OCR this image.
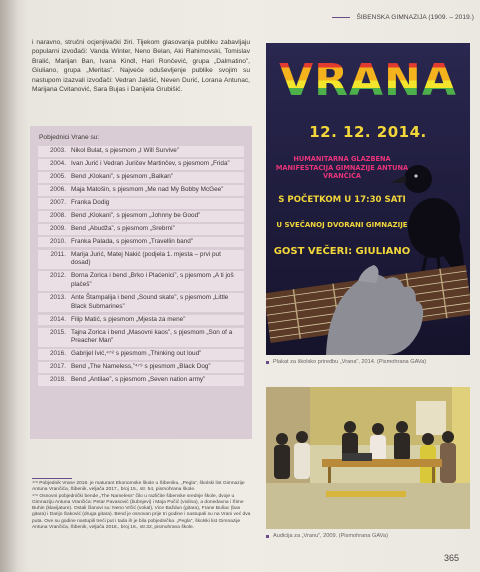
ŠIBENSKA GIMNAZIJA (1909. – 2019.)

i naravno, stručni ocjenjivački žiri. Tijekom glasovanja publiku zabavljaju popularni izvođači: Vanda Winter, Neno Belan, Aki Rahimovski, Tomislav Bralić, Marijan Ban, Ivana Kindl, Hari Rončević, grupa „Dalmatino”, Giuliano, grupa „Meritas”. Najveće oduševljenje publike svojim su nastupom izazvali izvođači: Vedran Jakšić, Neven Durić, Lorana Antunac, Marijana Cvitanović, Sara Bujas i Danijela Grubišić.

Pobjednici Vrane su:
2003. Nikol Bulat, s pjesmom „I Will Survive”
2004. Ivan Jurić i Vedran Juričev Martinčev, s pjesmom „Frida”
2005. Bend „Klokani”, s pjesmom „Balkan”
2006. Maja Matošin, s pjesmom „Me nad My Bobby McGee”
2007. Franka Dodig
2008. Bend „Klokani”, s pjesmom „Johnny be Good”
2009. Bend „Abudža”, s pjesmom „Srebrni”
2010. Franka Palada, s pjesmom „Travellin band”
2011. Marija Jurić, Matej Nakić (podjela 1. mjesta – prvi put dosad)
2012. Borna Zorica i bend „Brko i Plaćenici”, s pjesmom „A ti još plačeš”
2013. Ante Štampalija i bend „Sound skate”, s pjesmom „Little Black Submarines”
2014. Filip Matić, s pjesmom „Mjesta za mene”
2015. Tajna Zorica i bend „Masovni kaos”, s pjesmom „Son of a Preacher Man”
2016. Gabrijel Ivić,⁴⁷⁸ s pjesmom „Thinking out loud”
2017. Bend „The Nameless,”⁴⁷⁹ s pjesmom „Black Dog”
2018. Bend „Antilae”, s pjesmom „Seven nation army”

⁴⁷⁸ Pobjednik Vrane 2016. je maturant Ekonomske škole u Šibeniku, „Pegla”, školski list Gimnazije Antuna Vrančića, Šibenik, veljača 2017., broj 15., str. 54, pismohrana škole.

⁴⁷⁹ Osnovni pobjednički bende „The Nameless” čilo u različite šibenske srednje škole, dvoje u Gimnaziju Antuna Vrančića: Petar Pavasović (bubnjevi) i Maja Pučić (violina), a donedavna i Šime Buhin (klavijature). Ostali članovi su: Neno Vrčić (vokal), Vice Baždun (gitara), Frane Bušac (bas gitara) i Darijo Šaković (druga gitara). Bend je osnovan prije tri godine i nastupali su na Vrani već dva puta. Ove su godine nastupili treći put i tada ih je bila pobjednička. „Pegla”, školski list Gimnazije Antuna Vrančića, Šibenik, veljača 2018., broj 16., str.32, pismohrana škole.

VRANA
12. 12. 2014.
HUMANITARNA GLAZBENA MANIFESTACIJA GIMNAZIJE ANTUNA VRANČIĆA
S POČETKOM U 17:30 SATI
U SVEČANOJ DVORANI GIMNAZIJE
GOST VEČERI: GIULIANO
Plakat za školsko priredbu „Vrana”, 2014. (Pismohrana GAVa)
Audicija za „Vranu”, 2009. (Pismohrana GAVa)
365
